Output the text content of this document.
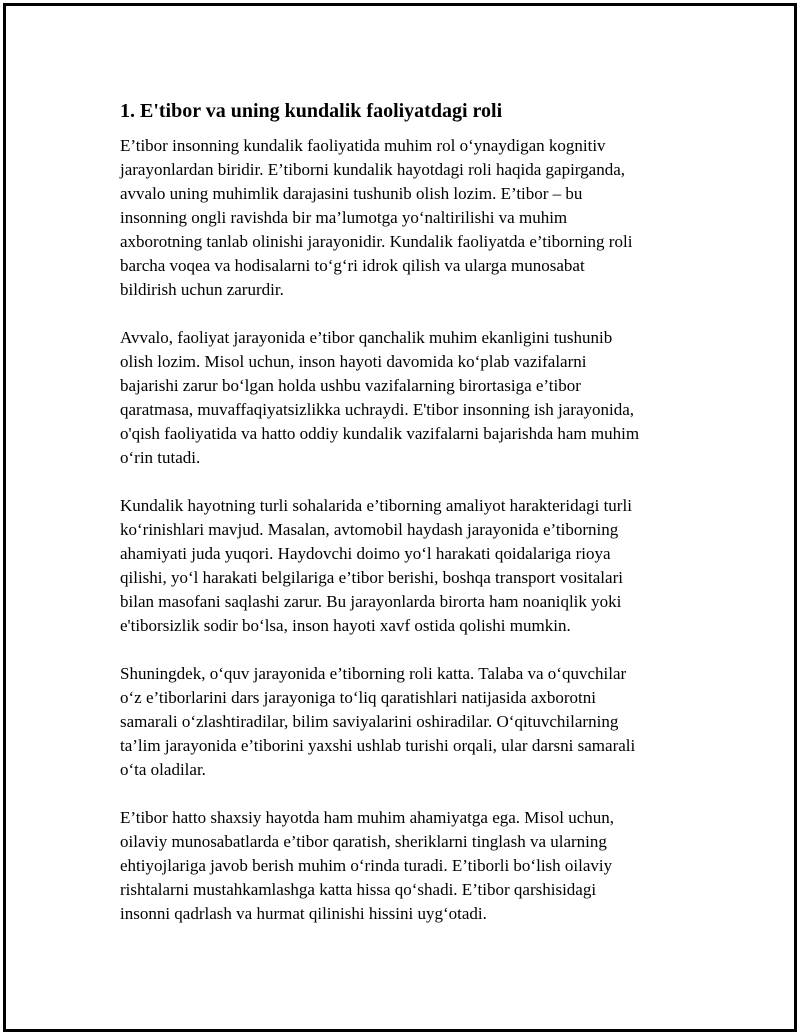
1. E'tibor va uning kundalik faoliyatdagi roli

E’tibor insonning kundalik faoliyatida muhim rol o‘ynaydigan kognitiv
jarayonlardan biridir. E’tiborni kundalik hayotdagi roli haqida gapirganda,
avvalo uning muhimlik darajasini tushunib olish lozim. E’tibor – bu
insonning ongli ravishda bir ma’lumotga yo‘naltirilishi va muhim
axborotning tanlab olinishi jarayonidir. Kundalik faoliyatda e’tiborning roli
barcha voqea va hodisalarni to‘g‘ri idrok qilish va ularga munosabat
bildirish uchun zarurdir.

Avvalo, faoliyat jarayonida e’tibor qanchalik muhim ekanligini tushunib
olish lozim. Misol uchun, inson hayoti davomida ko‘plab vazifalarni
bajarishi zarur bo‘lgan holda ushbu vazifalarning birortasiga e’tibor
qaratmasa, muvaffaqiyatsizlikka uchraydi. E'tibor insonning ish jarayonida,
o'qish faoliyatida va hatto oddiy kundalik vazifalarni bajarishda ham muhim
o‘rin tutadi.

Kundalik hayotning turli sohalarida e’tiborning amaliyot harakteridagi turli
ko‘rinishlari mavjud. Masalan, avtomobil haydash jarayonida e’tiborning
ahamiyati juda yuqori. Haydovchi doimo yo‘l harakati qoidalariga rioya
qilishi, yo‘l harakati belgilariga e’tibor berishi, boshqa transport vositalari
bilan masofani saqlashi zarur. Bu jarayonlarda birorta ham noaniqlik yoki
e'tiborsizlik sodir bo‘lsa, inson hayoti xavf ostida qolishi mumkin.

Shuningdek, o‘quv jarayonida e’tiborning roli katta. Talaba va o‘quvchilar
o‘z e’tiborlarini dars jarayoniga to‘liq qaratishlari natijasida axborotni
samarali o‘zlashtiradilar, bilim saviyalarini oshiradilar. O‘qituvchilarning
ta’lim jarayonida e’tiborini yaxshi ushlab turishi orqali, ular darsni samarali
o‘ta oladilar.

E’tibor hatto shaxsiy hayotda ham muhim ahamiyatga ega. Misol uchun,
oilaviy munosabatlarda e’tibor qaratish, sheriklarni tinglash va ularning
ehtiyojlariga javob berish muhim o‘rinda turadi. E’tiborli bo‘lish oilaviy
rishtalarni mustahkamlashga katta hissa qo‘shadi. E’tibor qarshisidagi
insonni qadrlash va hurmat qilinishi hissini uyg‘otadi.
